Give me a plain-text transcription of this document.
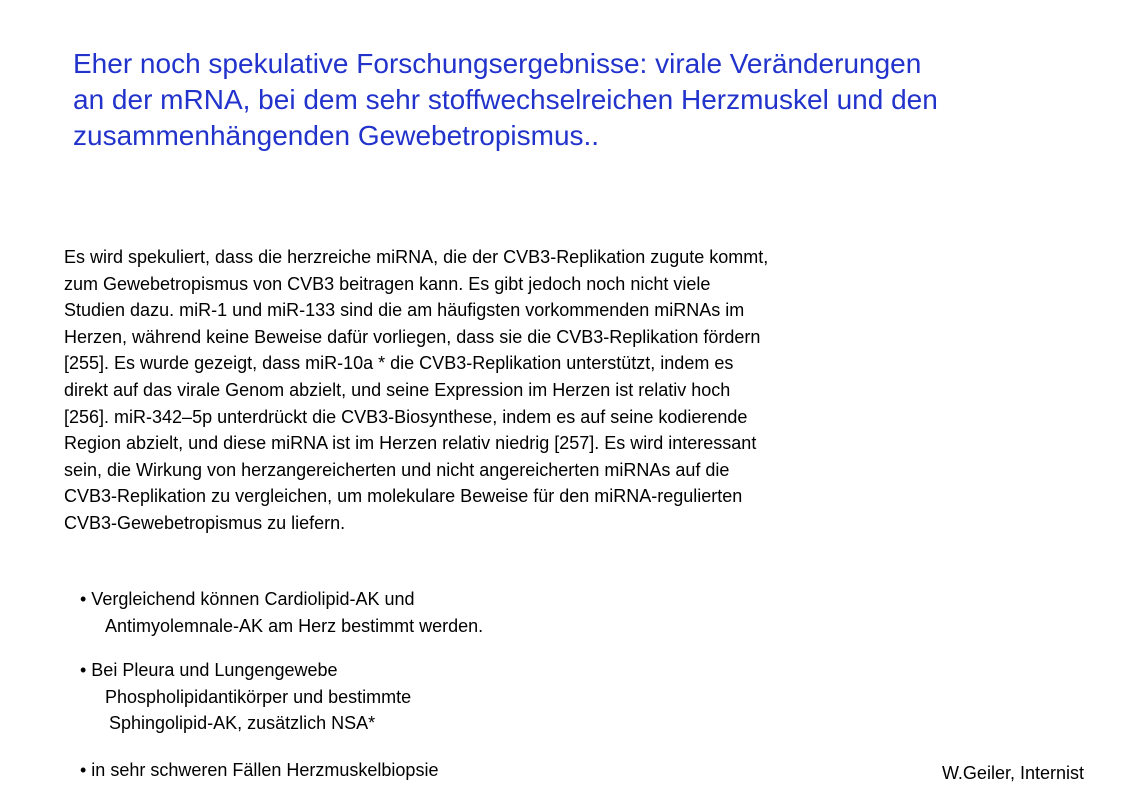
Eher noch spekulative Forschungsergebnisse: virale Veränderungen
an der mRNA, bei dem sehr stoffwechselreichen Herzmuskel und den
zusammenhängenden Gewebetropismus..
Es wird spekuliert, dass die herzreiche miRNA, die der CVB3-Replikation zugute kommt,
zum Gewebetropismus von CVB3 beitragen kann. Es gibt jedoch noch nicht viele
Studien dazu. miR-1 und miR-133 sind die am häufigsten vorkommenden miRNAs im
Herzen, während keine Beweise dafür vorliegen, dass sie die CVB3-Replikation fördern
[255]. Es wurde gezeigt, dass miR-10a * die CVB3-Replikation unterstützt, indem es
direkt auf das virale Genom abzielt, und seine Expression im Herzen ist relativ hoch
[256]. miR-342–5p unterdrückt die CVB3-Biosynthese, indem es auf seine kodierende
Region abzielt, und diese miRNA ist im Herzen relativ niedrig [257]. Es wird interessant
sein, die Wirkung von herzangereicherten und nicht angereicherten miRNAs auf die
CVB3-Replikation zu vergleichen, um molekulare Beweise für den miRNA-regulierten
CVB3-Gewebetropismus zu liefern.
• Vergleichend können Cardiolipid-AK und
Antimyolemnale-AK am Herz bestimmt werden.
• Bei Pleura und Lungengewebe
Phospholipidantikörper und bestimmte
Sphingolipid-AK, zusätzlich NSA*
• in sehr schweren Fällen Herzmuskelbiopsie	W.Geiler, Internist
